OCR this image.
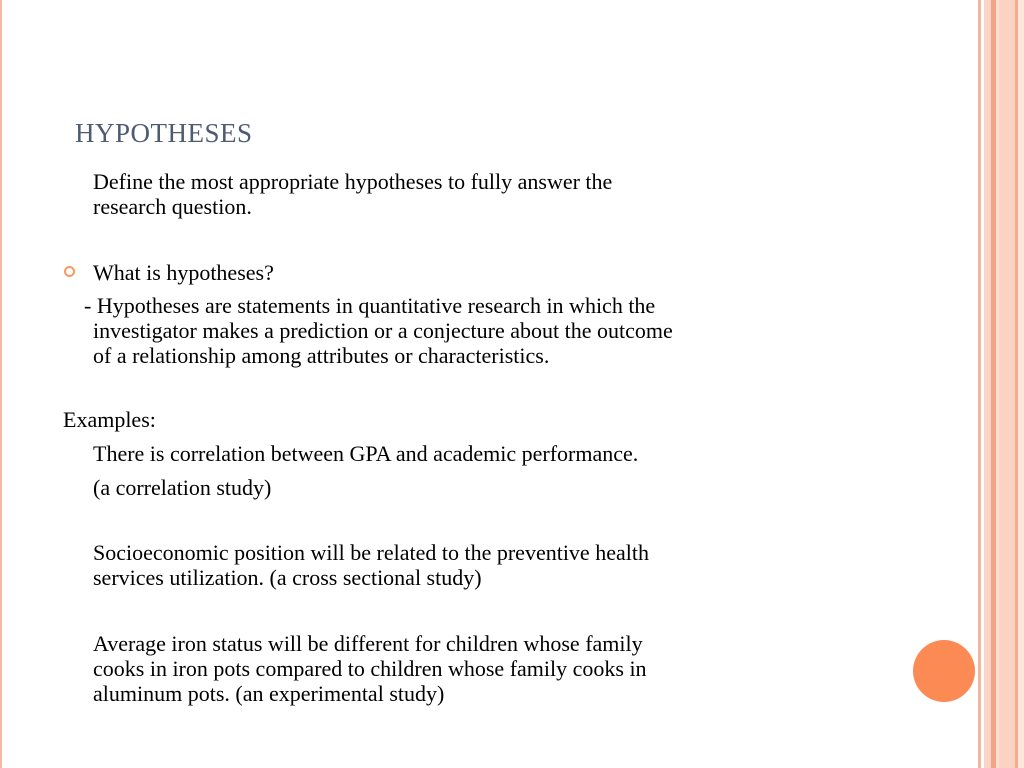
HYPOTHESES

Define the most appropriate hypotheses to fully answer the

research question.

What is hypotheses?

- Hypotheses are statements in quantitative research in which the

investigator makes a prediction or a conjecture about the outcome

of a relationship among attributes or characteristics.

Examples:

There is correlation between GPA and academic performance.

(a correlation study)

Socioeconomic position will be related to the preventive health

services utilization. (a cross sectional study)

Average iron status will be different for children whose family

cooks in iron pots compared to children whose family cooks in

aluminum pots. (an experimental study)
